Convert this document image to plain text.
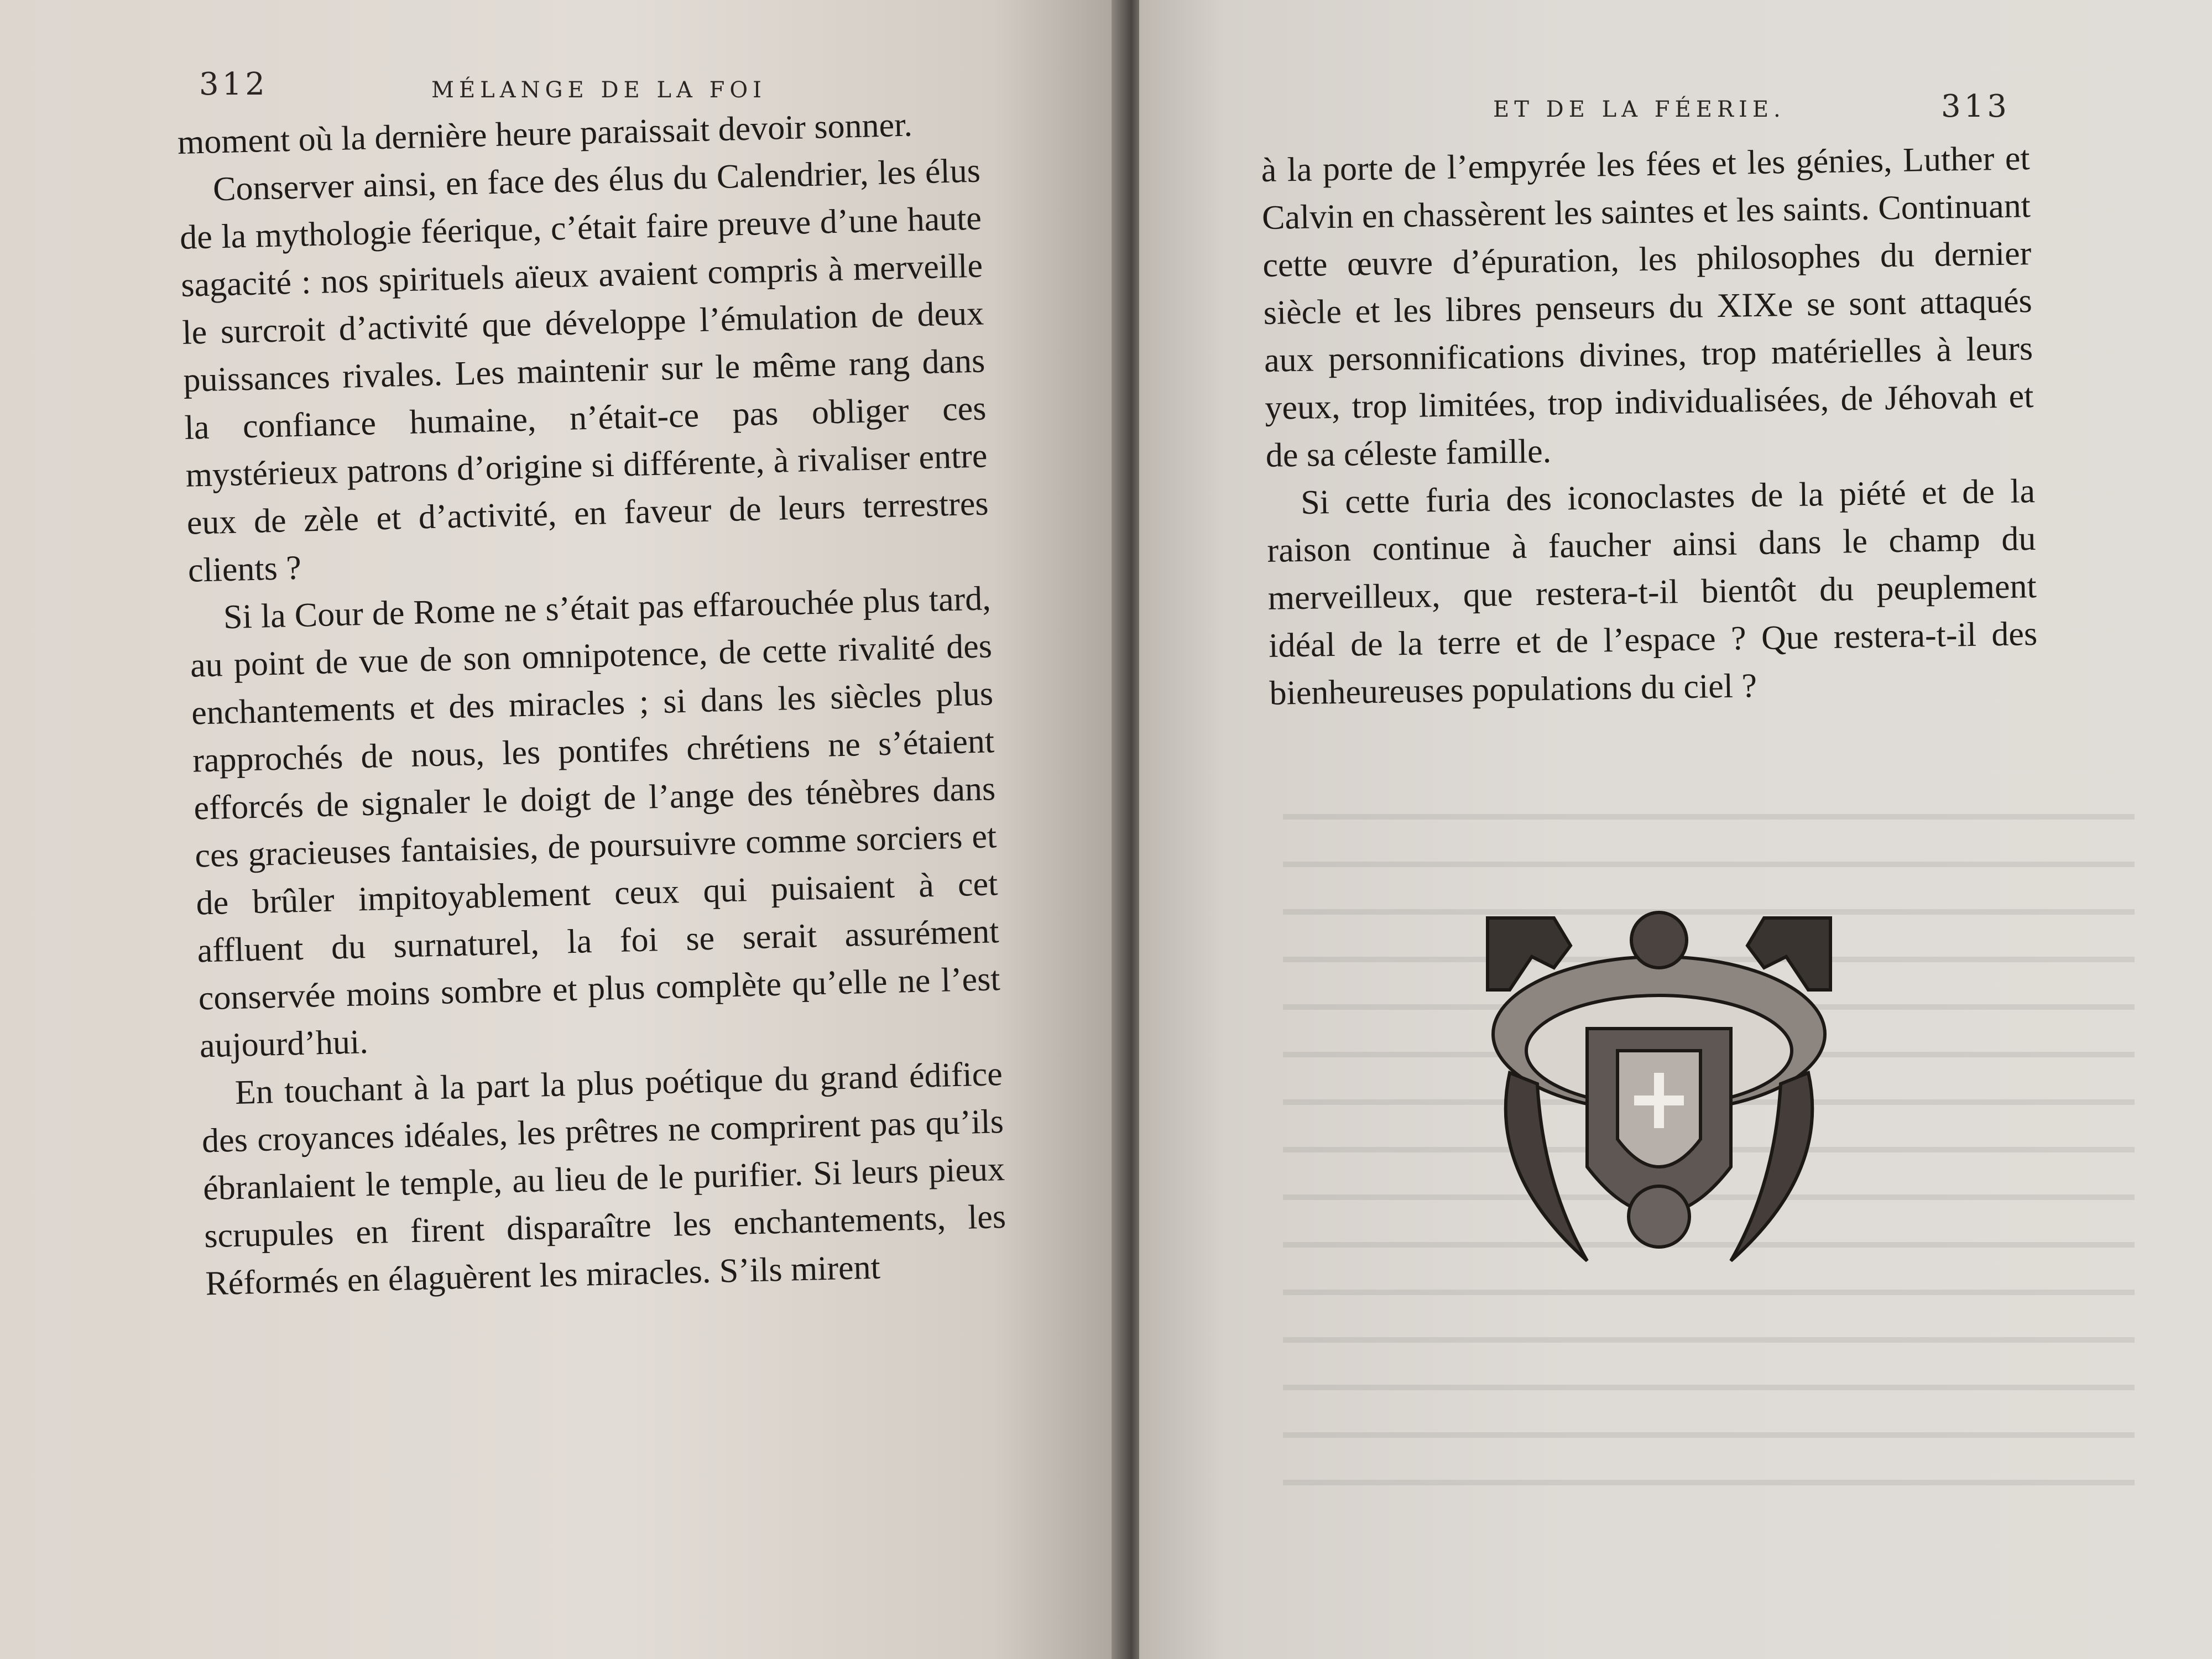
312	MÉLANGE DE LA FOI

moment où la dernière heure paraissait devoir sonner.

Conserver ainsi, en face des élus du Calendrier, les élus de la mythologie féerique, c’était faire preuve d’une haute sagacité : nos spirituels aïeux avaient compris à merveille le surcroit d’activité que développe l’émulation de deux puissances rivales. Les maintenir sur le même rang dans la confiance humaine, n’était-ce pas obliger ces mystérieux patrons d’origine si différente, à rivaliser entre eux de zèle et d’activité, en faveur de leurs terrestres clients ?

Si la Cour de Rome ne s’était pas effarouchée plus tard, au point de vue de son omnipotence, de cette rivalité des enchantements et des miracles ; si dans les siècles plus rapprochés de nous, les pontifes chrétiens ne s’étaient efforcés de signaler le doigt de l’ange des ténèbres dans ces gracieuses fantaisies, de poursuivre comme sorciers et de brûler impitoyablement ceux qui puisaient à cet affluent du surnaturel, la foi se serait assurément conservée moins sombre et plus complète qu’elle ne l’est aujourd’hui.

En touchant à la part la plus poétique du grand édifice des croyances idéales, les prêtres ne comprirent pas qu’ils ébranlaient le temple, au lieu de le purifier. Si leurs pieux scrupules en firent disparaître les enchantements, les Réformés en élaguèrent les miracles. S’ils mirent

ET DE LA FÉERIE.	313

à la porte de l’empyrée les fées et les génies, Luther et Calvin en chassèrent les saintes et les saints. Continuant cette œuvre d’épuration, les philosophes du dernier siècle et les libres penseurs du XIXe se sont attaqués aux personnifications divines, trop matérielles à leurs yeux, trop limitées, trop individualisées, de Jéhovah et de sa céleste famille.

Si cette furia des iconoclastes de la piété et de la raison continue à faucher ainsi dans le champ du merveilleux, que restera-t-il bientôt du peuplement idéal de la terre et de l’espace ? Que restera-t-il des bienheureuses populations du ciel ?
